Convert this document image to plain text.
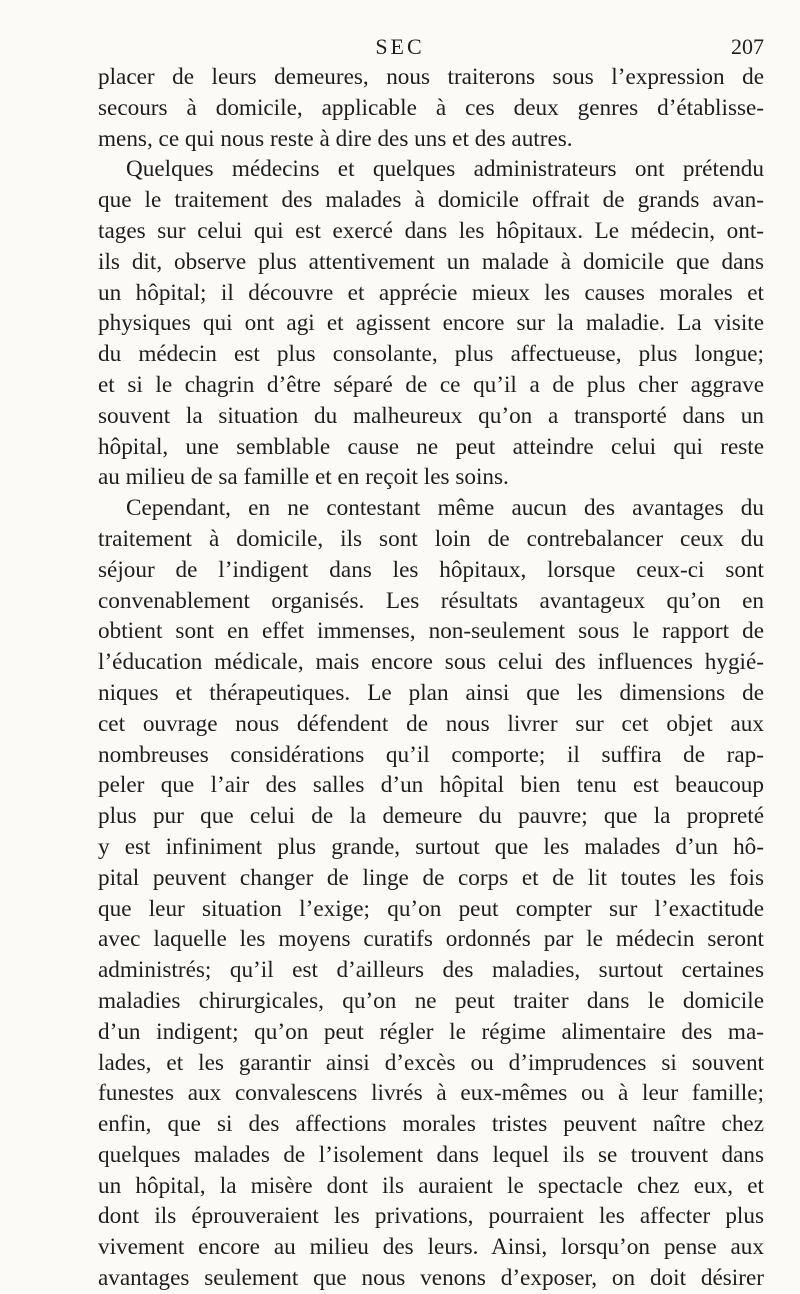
SEC	207
placer de leurs demeures, nous traiterons sous l’expression de
secours à domicile, applicable à ces deux genres d’établisse-
mens, ce qui nous reste à dire des uns et des autres.
Quelques médecins et quelques administrateurs ont prétendu
que le traitement des malades à domicile offrait de grands avan-
tages sur celui qui est exercé dans les hôpitaux. Le médecin, ont-
ils dit, observe plus attentivement un malade à domicile que dans
un hôpital; il découvre et apprécie mieux les causes morales et
physiques qui ont agi et agissent encore sur la maladie. La visite
du médecin est plus consolante, plus affectueuse, plus longue;
et si le chagrin d’être séparé de ce qu’il a de plus cher aggrave
souvent la situation du malheureux qu’on a transporté dans un
hôpital, une semblable cause ne peut atteindre celui qui reste
au milieu de sa famille et en reçoit les soins.
Cependant, en ne contestant même aucun des avantages du
traitement à domicile, ils sont loin de contrebalancer ceux du
séjour de l’indigent dans les hôpitaux, lorsque ceux-ci sont
convenablement organisés. Les résultats avantageux qu’on en
obtient sont en effet immenses, non-seulement sous le rapport de
l’éducation médicale, mais encore sous celui des influences hygié-
niques et thérapeutiques. Le plan ainsi que les dimensions de
cet ouvrage nous défendent de nous livrer sur cet objet aux
nombreuses considérations qu’il comporte; il suffira de rap-
peler que l’air des salles d’un hôpital bien tenu est beaucoup
plus pur que celui de la demeure du pauvre; que la propreté
y est infiniment plus grande, surtout que les malades d’un hô-
pital peuvent changer de linge de corps et de lit toutes les fois
que leur situation l’exige; qu’on peut compter sur l’exactitude
avec laquelle les moyens curatifs ordonnés par le médecin seront
administrés; qu’il est d’ailleurs des maladies, surtout certaines
maladies chirurgicales, qu’on ne peut traiter dans le domicile
d’un indigent; qu’on peut régler le régime alimentaire des ma-
lades, et les garantir ainsi d’excès ou d’imprudences si souvent
funestes aux convalescens livrés à eux-mêmes ou à leur famille;
enfin, que si des affections morales tristes peuvent naître chez
quelques malades de l’isolement dans lequel ils se trouvent dans
un hôpital, la misère dont ils auraient le spectacle chez eux, et
dont ils éprouveraient les privations, pourraient les affecter plus
vivement encore au milieu des leurs. Ainsi, lorsqu’on pense aux
avantages seulement que nous venons d’exposer, on doit désirer
